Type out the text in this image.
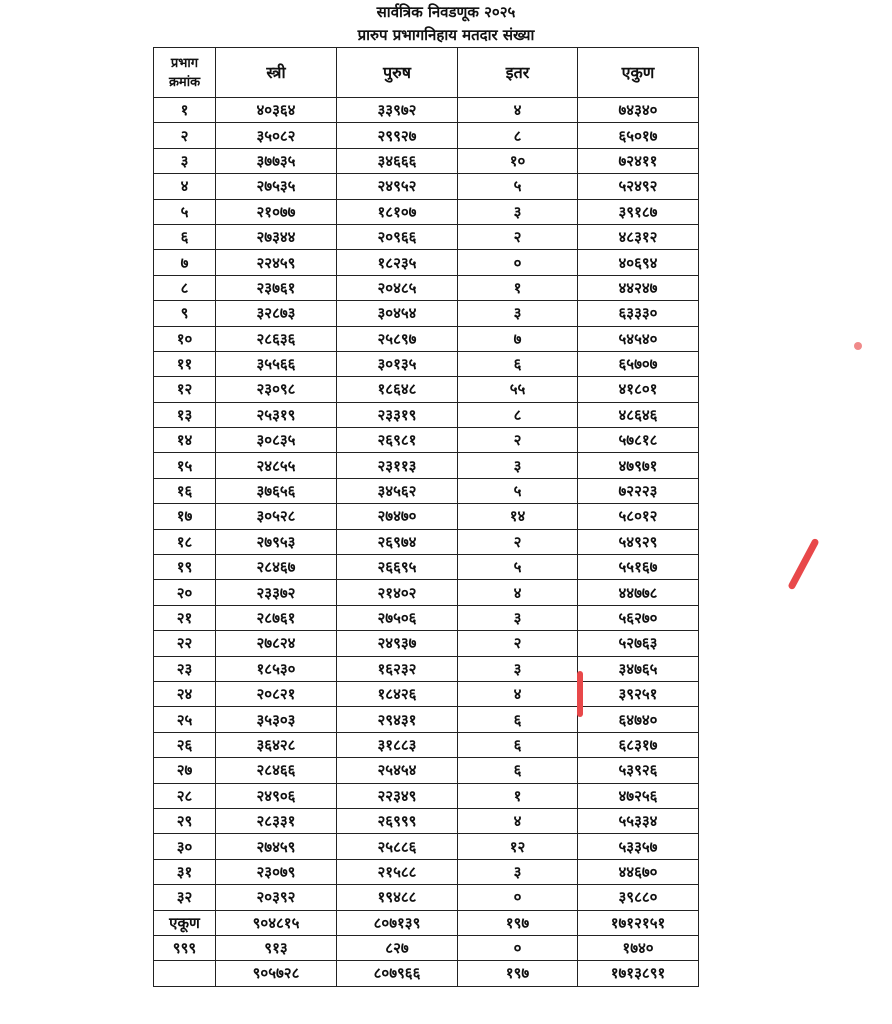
सार्वत्रिक निवडणूक २०२५
प्रारुप प्रभागनिहाय मतदार संख्या
प्रभाग
क्रमांक	स्त्री	पुरुष	इतर	एकुण
१	४०३६४	३३९७२	४	७४३४०
२	३५०८२	२९९२७	८	६५०१७
३	३७७३५	३४६६६	१०	७२४११
४	२७५३५	२४९५२	५	५२४९२
५	२१०७७	१८१०७	३	३९१८७
६	२७३४४	२०९६६	२	४८३१२
७	२२४५९	१८२३५	०	४०६९४
८	२३७६१	२०४८५	१	४४२४७
९	३२८७३	३०४५४	३	६३३३०
१०	२८६३६	२५८९७	७	५४५४०
११	३५५६६	३०१३५	६	६५७०७
१२	२३०९८	१८६४८	५५	४१८०१
१३	२५३१९	२३३१९	८	४८६४६
१४	३०८३५	२६९८१	२	५७८१८
१५	२४८५५	२३११३	३	४७९७१
१६	३७६५६	३४५६२	५	७२२२३
१७	३०५२८	२७४७०	१४	५८०१२
१८	२७९५३	२६९७४	२	५४९२९
१९	२८४६७	२६६९५	५	५५१६७
२०	२३३७२	२१४०२	४	४४७७८
२१	२८७६१	२७५०६	३	५६२७०
२२	२७८२४	२४९३७	२	५२७६३
२३	१८५३०	१६२३२	३	३४७६५
२४	२०८२१	१८४२६	४	३९२५१
२५	३५३०३	२९४३१	६	६४७४०
२६	३६४२८	३१८८३	६	६८३१७
२७	२८४६६	२५४५४	६	५३९२६
२८	२४९०६	२२३४९	१	४७२५६
२९	२८३३१	२६९९९	४	५५३३४
३०	२७४५९	२५८८६	१२	५३३५७
३१	२३०७९	२१५८८	३	४४६७०
३२	२०३९२	१९४८८	०	३९८८०
एकूण	९०४८१५	८०७१३९	१९७	१७१२१५१
९९९	९१३	८२७	०	१७४०
	९०५७२८	८०७९६६	१९७	१७१३८९१
